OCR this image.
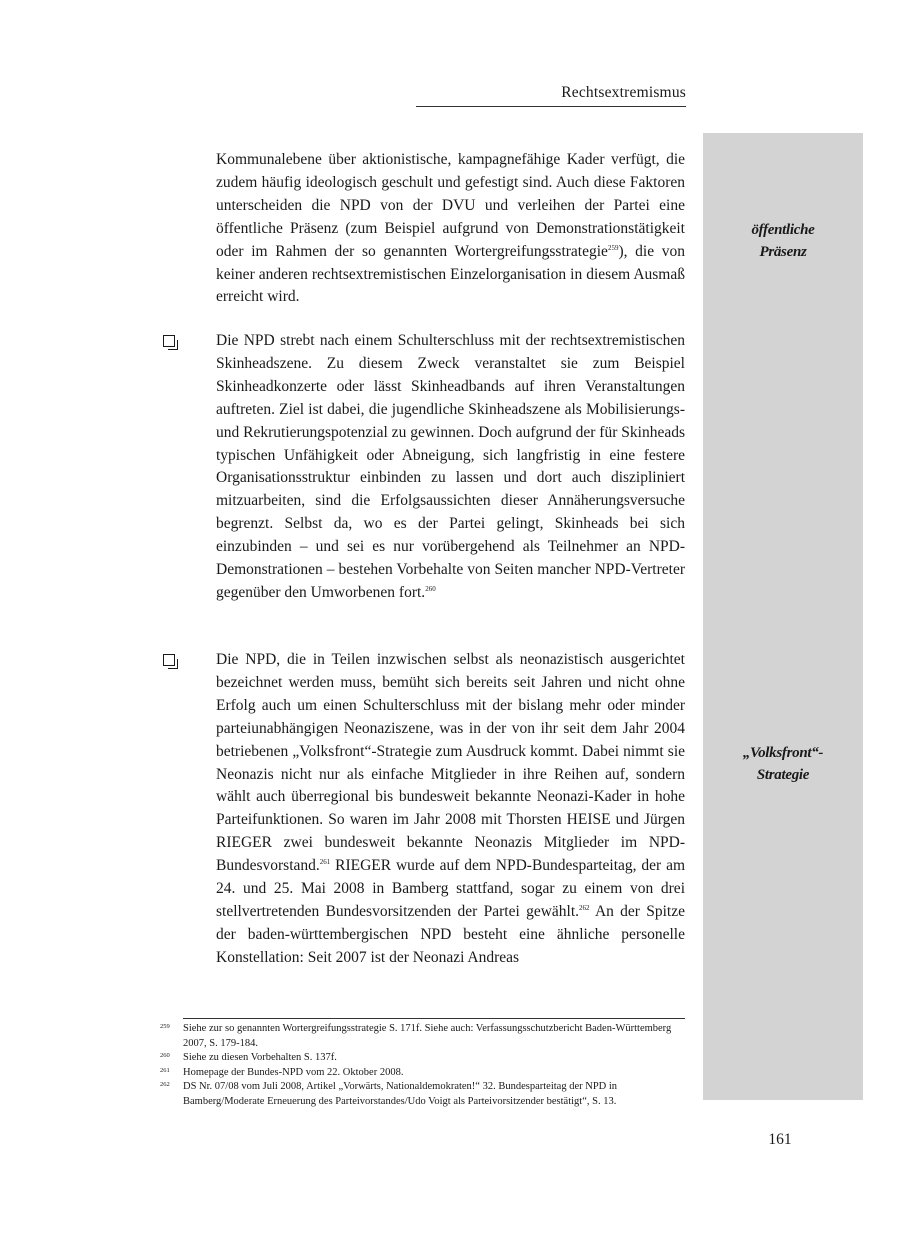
Rechtsextremismus
öffentliche
Präsenz
„Volksfront“-
Strategie

Kommunalebene über aktionistische, kampagnefähige Kader verfügt, die zudem häufig ideologisch geschult und gefestigt sind. Auch diese Faktoren unterscheiden die NPD von der DVU und verleihen der Partei eine öffentliche Präsenz (zum Beispiel aufgrund von Demonstrationstätigkeit oder im Rahmen der so genannten Wortergreifungsstrategie$^{259}$), die von keiner anderen rechtsextremistischen Einzelorganisation in diesem Ausmaß erreicht wird.

Die NPD strebt nach einem Schulterschluss mit der rechtsextremistischen Skinheadszene. Zu diesem Zweck veranstaltet sie zum Beispiel Skinheadkonzerte oder lässt Skinheadbands auf ihren Veranstaltungen auftreten. Ziel ist dabei, die jugendliche Skinheadszene als Mobilisierungs- und Rekrutierungspotenzial zu gewinnen. Doch aufgrund der für Skinheads typischen Unfähigkeit oder Abneigung, sich langfristig in eine festere Organisationsstruktur einbinden zu lassen und dort auch diszipliniert mitzuarbeiten, sind die Erfolgsaussichten dieser Annäherungsversuche begrenzt. Selbst da, wo es der Partei gelingt, Skinheads bei sich einzubinden – und sei es nur vorübergehend als Teilnehmer an NPD-Demonstrationen – bestehen Vorbehalte von Seiten mancher NPD-Vertreter gegenüber den Umworbenen fort.$^{260}$

Die NPD, die in Teilen inzwischen selbst als neonazistisch ausgerichtet bezeichnet werden muss, bemüht sich bereits seit Jahren und nicht ohne Erfolg auch um einen Schulterschluss mit der bislang mehr oder minder parteiunabhängigen Neonaziszene, was in der von ihr seit dem Jahr 2004 betriebenen „Volksfront“-Strategie zum Ausdruck kommt. Dabei nimmt sie Neonazis nicht nur als einfache Mitglieder in ihre Reihen auf, sondern wählt auch überregional bis bundesweit bekannte Neonazi-Kader in hohe Parteifunktionen. So waren im Jahr 2008 mit Thorsten HEISE und Jürgen RIEGER zwei bundesweit bekannte Neonazis Mitglieder im NPD-Bundesvorstand.$^{261}$ RIEGER wurde auf dem NPD-Bundesparteitag, der am 24. und 25. Mai 2008 in Bamberg stattfand, sogar zu einem von drei stellvertretenden Bundesvorsitzenden der Partei gewählt.$^{262}$ An der Spitze der baden-württembergischen NPD besteht eine ähnliche personelle Konstellation: Seit 2007 ist der Neonazi Andreas

259 Siehe zur so genannten Wortergreifungsstrategie S. 171f. Siehe auch: Verfassungsschutzbericht Baden-Württemberg 2007, S. 179-184.
260 Siehe zu diesen Vorbehalten S. 137f.
261 Homepage der Bundes-NPD vom 22. Oktober 2008.
262 DS Nr. 07/08 vom Juli 2008, Artikel „Vorwärts, Nationaldemokraten!“ 32. Bundesparteitag der NPD in Bamberg/Moderate Erneuerung des Parteivorstandes/Udo Voigt als Parteivorsitzender bestätigt“, S. 13.
161
